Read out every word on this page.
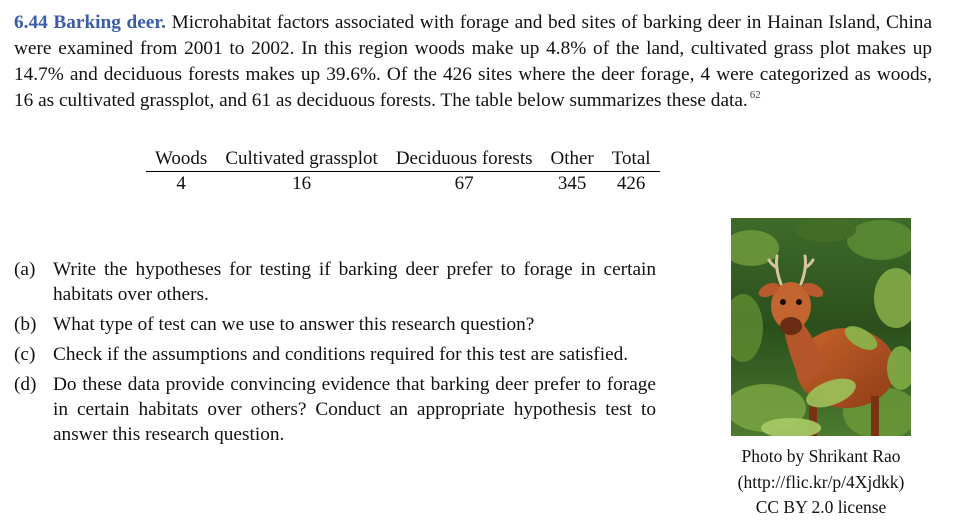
6.44 Barking deer. Microhabitat factors associated with forage and bed sites of barking deer in Hainan Island, China were examined from 2001 to 2002. In this region woods make up 4.8% of the land, cultivated grass plot makes up 14.7% and deciduous forests makes up 39.6%. Of the 426 sites where the deer forage, 4 were categorized as woods, 16 as cultivated grassplot, and 61 as deciduous forests. The table below summarizes these data. $^{62}$
Woods	Cultivated grassplot	Deciduous forests	Other	Total
4	16	67	345	426
(a) Write the hypotheses for testing if barking deer prefer to forage in certain habitats over others.
(b) What type of test can we use to answer this research question?
(c) Check if the assumptions and conditions required for this test are satisfied.
(d) Do these data provide convincing evidence that barking deer prefer to forage in certain habitats over others? Conduct an appropriate hypothesis test to answer this research question.
Photo by Shrikant Rao
(http://flic.kr/p/4Xjdkk)
CC BY 2.0 license
